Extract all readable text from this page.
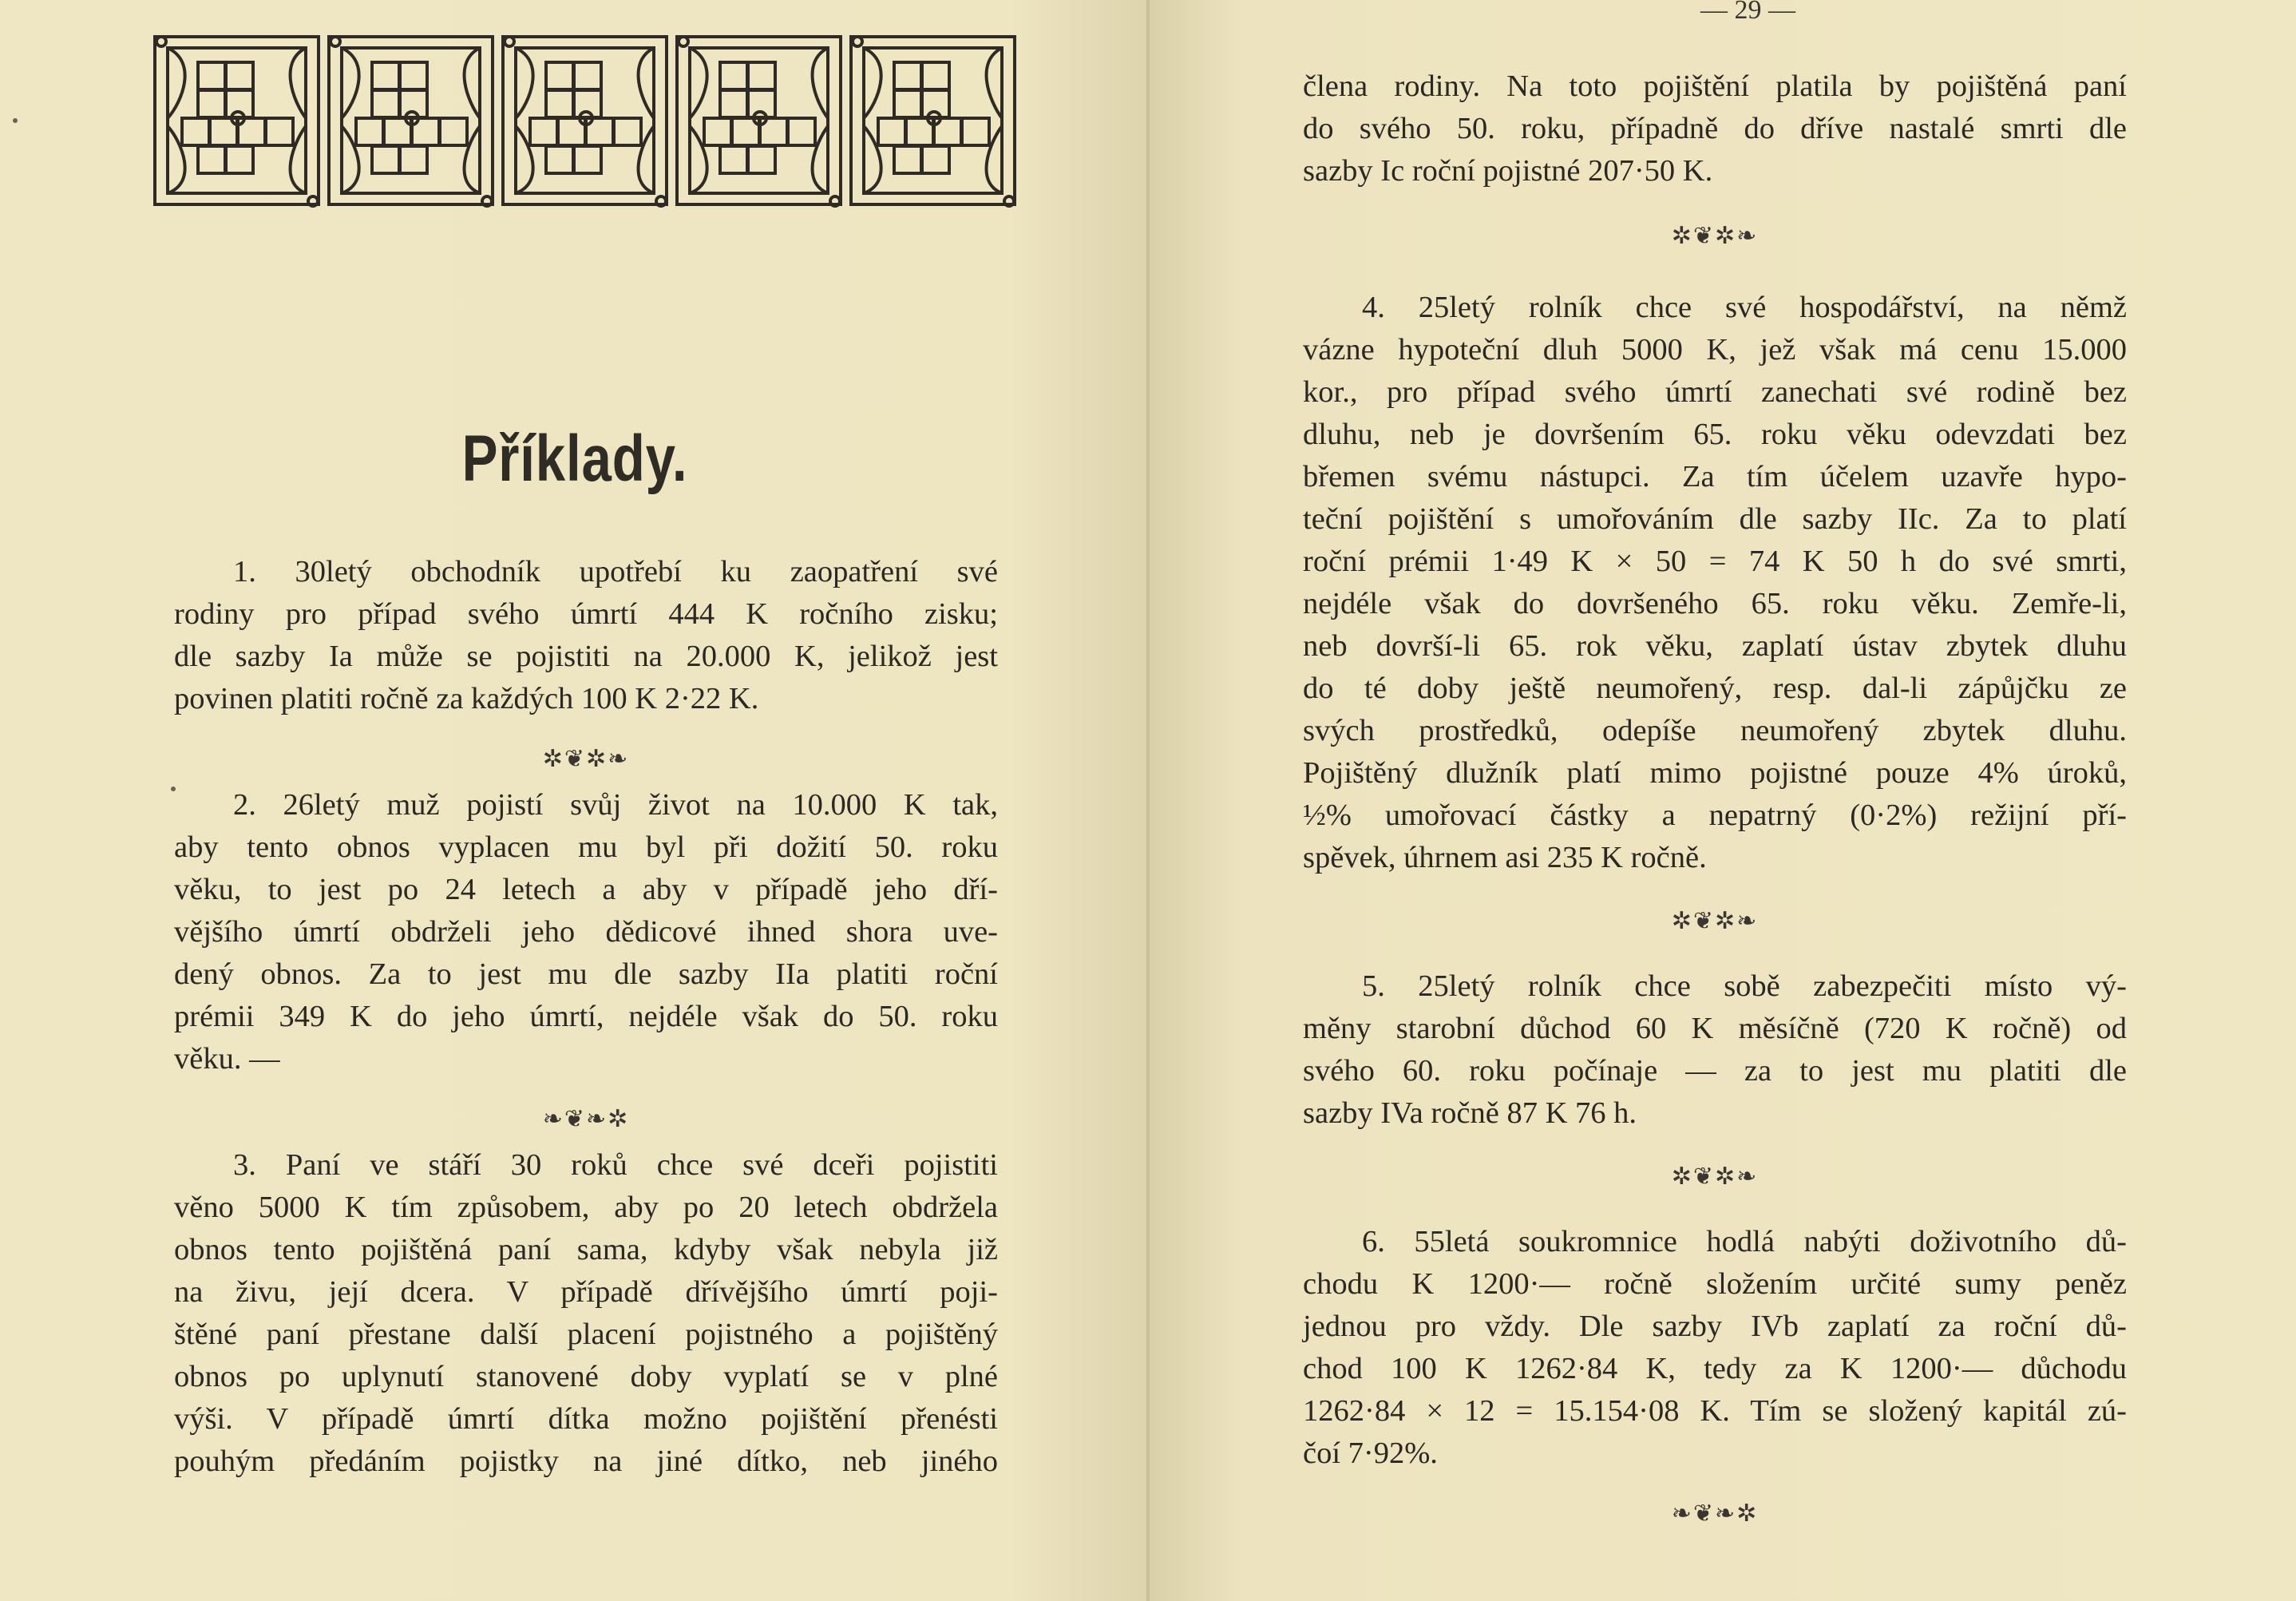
Příklady.
1. 30letý obchodník upotřebí ku zaopatření své
rodiny pro případ svého úmrtí 444 K ročního zisku;
dle sazby Ia může se pojistiti na 20.000 K, jelikož jest
povinen platiti ročně za každých 100 K 2·22 K.
✲❦✲❧
2. 26letý muž pojistí svůj život na 10.000 K tak,
aby tento obnos vyplacen mu byl při dožití 50. roku
věku, to jest po 24 letech a aby v případě jeho dří-
vějšího úmrtí obdrželi jeho dědicové ihned shora uve-
dený obnos. Za to jest mu dle sazby IIa platiti roční
prémii 349 K do jeho úmrtí, nejdéle však do 50. roku
věku. —
❧❦❧✲
3. Paní ve stáří 30 roků chce své dceři pojistiti
věno 5000 K tím způsobem, aby po 20 letech obdržela
obnos tento pojištěná paní sama, kdyby však nebyla již
na živu, její dcera. V případě dřívějšího úmrtí poji-
štěné paní přestane další placení pojistného a pojištěný
obnos po uplynutí stanovené doby vyplatí se v plné
výši. V případě úmrtí dítka možno pojištění přenésti
pouhým předáním pojistky na jiné dítko, neb jiného
— 29 —
člena rodiny. Na toto pojištění platila by pojištěná paní
do svého 50. roku, případně do dříve nastalé smrti dle
sazby Ic roční pojistné 207·50 K.
✲❦✲❧
4. 25letý rolník chce své hospodářství, na němž
vázne hypoteční dluh 5000 K, jež však má cenu 15.000
kor., pro případ svého úmrtí zanechati své rodině bez
dluhu, neb je dovršením 65. roku věku odevzdati bez
břemen svému nástupci. Za tím účelem uzavře hypo-
teční pojištění s umořováním dle sazby IIc. Za to platí
roční prémii 1·49 K × 50 = 74 K 50 h do své smrti,
nejdéle však do dovršeného 65. roku věku. Zemře-li,
neb dovrší-li 65. rok věku, zaplatí ústav zbytek dluhu
do té doby ještě neumořený, resp. dal-li zápůjčku ze
svých prostředků, odepíše neumořený zbytek dluhu.
Pojištěný dlužník platí mimo pojistné pouze 4% úroků,
½% umořovací částky a nepatrný (0·2%) režijní pří-
spěvek, úhrnem asi 235 K ročně.
✲❦✲❧
5. 25letý rolník chce sobě zabezpečiti místo vý-
měny starobní důchod 60 K měsíčně (720 K ročně) od
svého 60. roku počínaje — za to jest mu platiti dle
sazby IVa ročně 87 K 76 h.
✲❦✲❧
6. 55letá soukromnice hodlá nabýti doživotního dů-
chodu K 1200·— ročně složením určité sumy peněz
jednou pro vždy. Dle sazby IVb zaplatí za roční dů-
chod 100 K 1262·84 K, tedy za K 1200·— důchodu
1262·84 × 12 = 15.154·08 K. Tím se složený kapitál zú-
čoí 7·92%.
❧❦❧✲
